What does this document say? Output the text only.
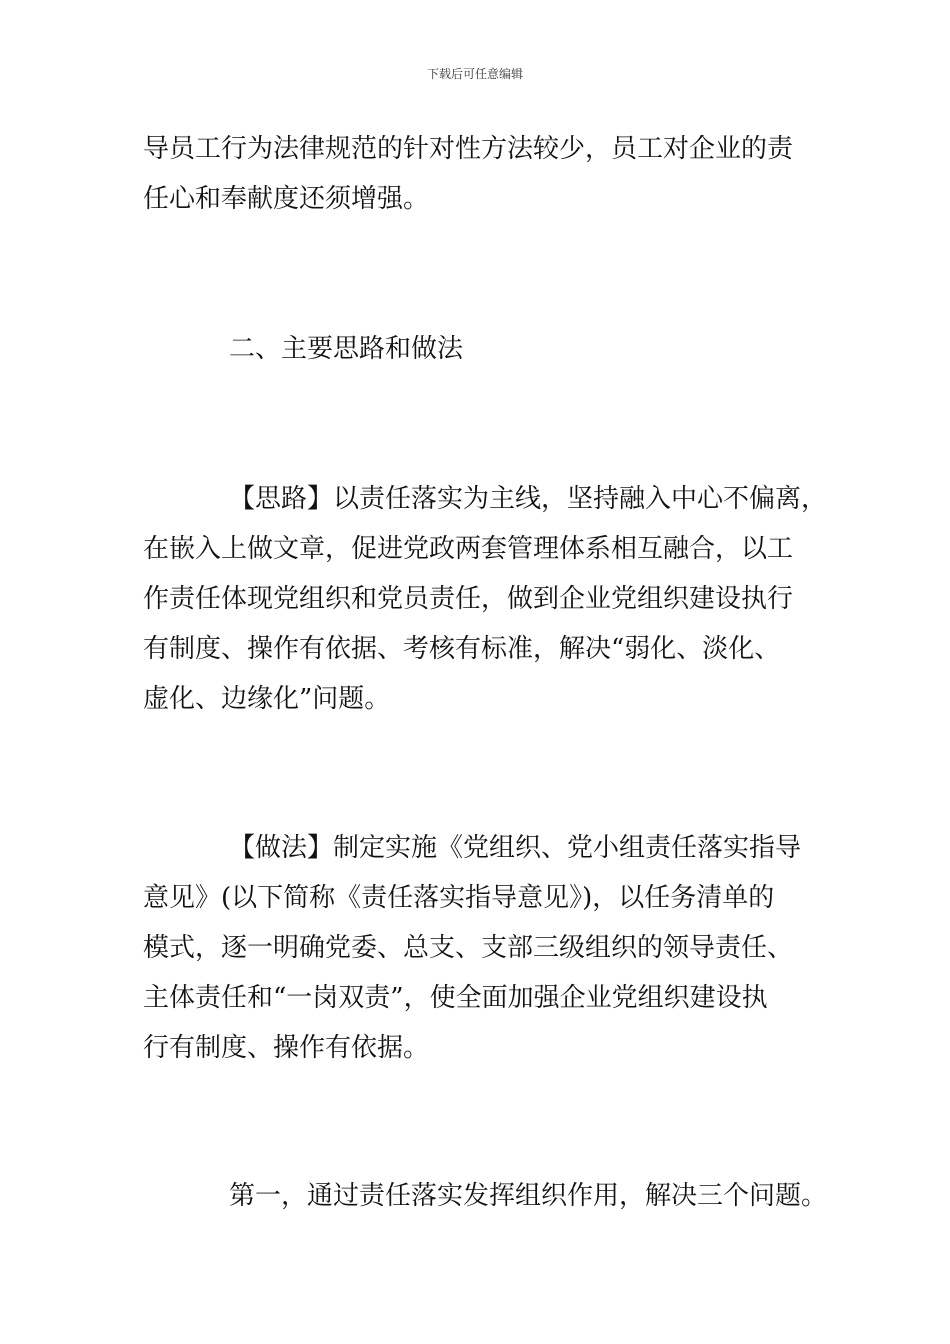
下载后可任意编辑
导员工行为法律规范的针对性方法较少，员工对企业的责
任心和奉献度还须增强。
二、主要思路和做法
【思路】以责任落实为主线，坚持融入中心不偏离，
在嵌入上做文章，促进党政两套管理体系相互融合，以工
作责任体现党组织和党员责任，做到企业党组织建设执行
有制度、操作有依据、考核有标准，解决“弱化、淡化、
虚化、边缘化”问题。
【做法】制定实施《党组织、党小组责任落实指导
意见》(以下简称《责任落实指导意见》)，以任务清单的
模式，逐一明确党委、总支、支部三级组织的领导责任、
主体责任和“一岗双责”，使全面加强企业党组织建设执
行有制度、操作有依据。
第一，通过责任落实发挥组织作用，解决三个问题。
